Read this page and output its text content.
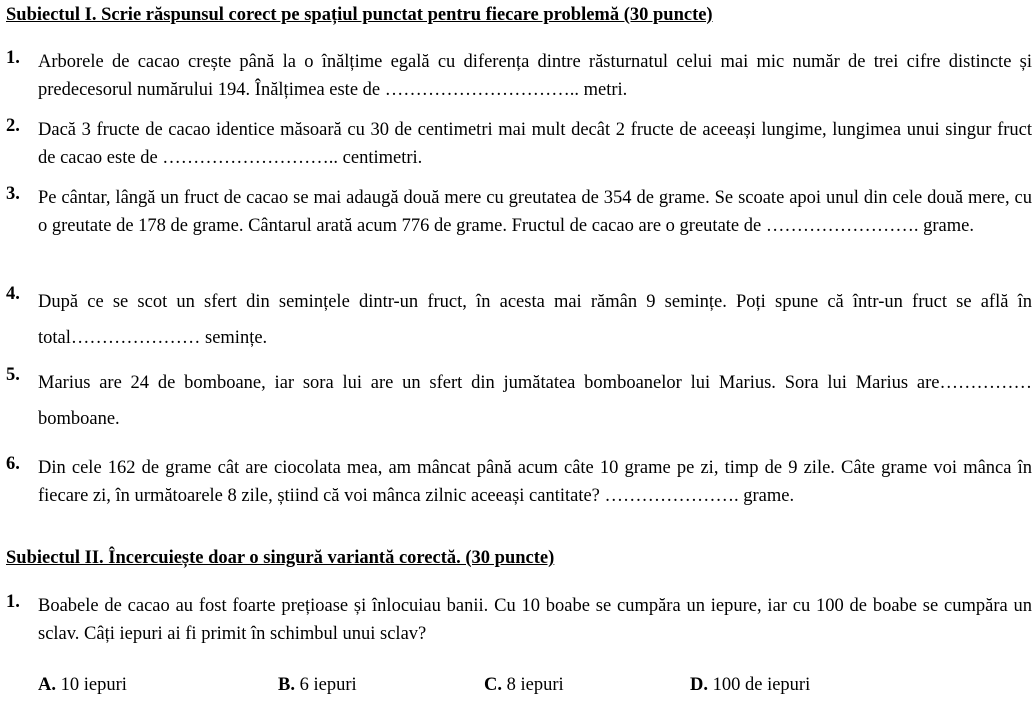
Subiectul I. Scrie răspunsul corect pe spațiul punctat pentru fiecare problemă (30 puncte)
1. Arborele de cacao crește până la o înălțime egală cu diferența dintre răsturnatul celui mai mic număr de trei cifre distincte și predecesorul numărului 194. Înălțimea este de ………………………….. metri.
2. Dacă 3 fructe de cacao identice măsoară cu 30 de centimetri mai mult decât 2 fructe de aceeași lungime, lungimea unui singur fruct de cacao este de ……………………….. centimetri.
3. Pe cântar, lângă un fruct de cacao se mai adaugă două mere cu greutatea de 354 de grame. Se scoate apoi unul din cele două mere, cu o greutate de 178 de grame. Cântarul arată acum 776 de grame. Fructul de cacao are o greutate de ……………………. grame.
4. După ce se scot un sfert din semințele dintr-un fruct, în acesta mai rămân 9 semințe. Poți spune că într-un fruct se află în total………………… semințe.
5. Marius are 24 de bomboane, iar sora lui are un sfert din jumătatea bomboanelor lui Marius. Sora lui Marius are……………bomboane.
6. Din cele 162 de grame cât are ciocolata mea, am mâncat până acum câte 10 grame pe zi, timp de 9 zile. Câte grame voi mânca în fiecare zi, în următoarele 8 zile, știind că voi mânca zilnic aceeași cantitate? …………………. grame.
Subiectul II. Încercuiește doar o singură variantă corectă. (30 puncte)
1. Boabele de cacao au fost foarte prețioase și înlocuiau banii. Cu 10 boabe se cumpăra un iepure, iar cu 100 de boabe se cumpăra un sclav. Câți iepuri ai fi primit în schimbul unui sclav?
A. 10 iepuri	B. 6 iepuri	C. 8 iepuri	D. 100 de iepuri
